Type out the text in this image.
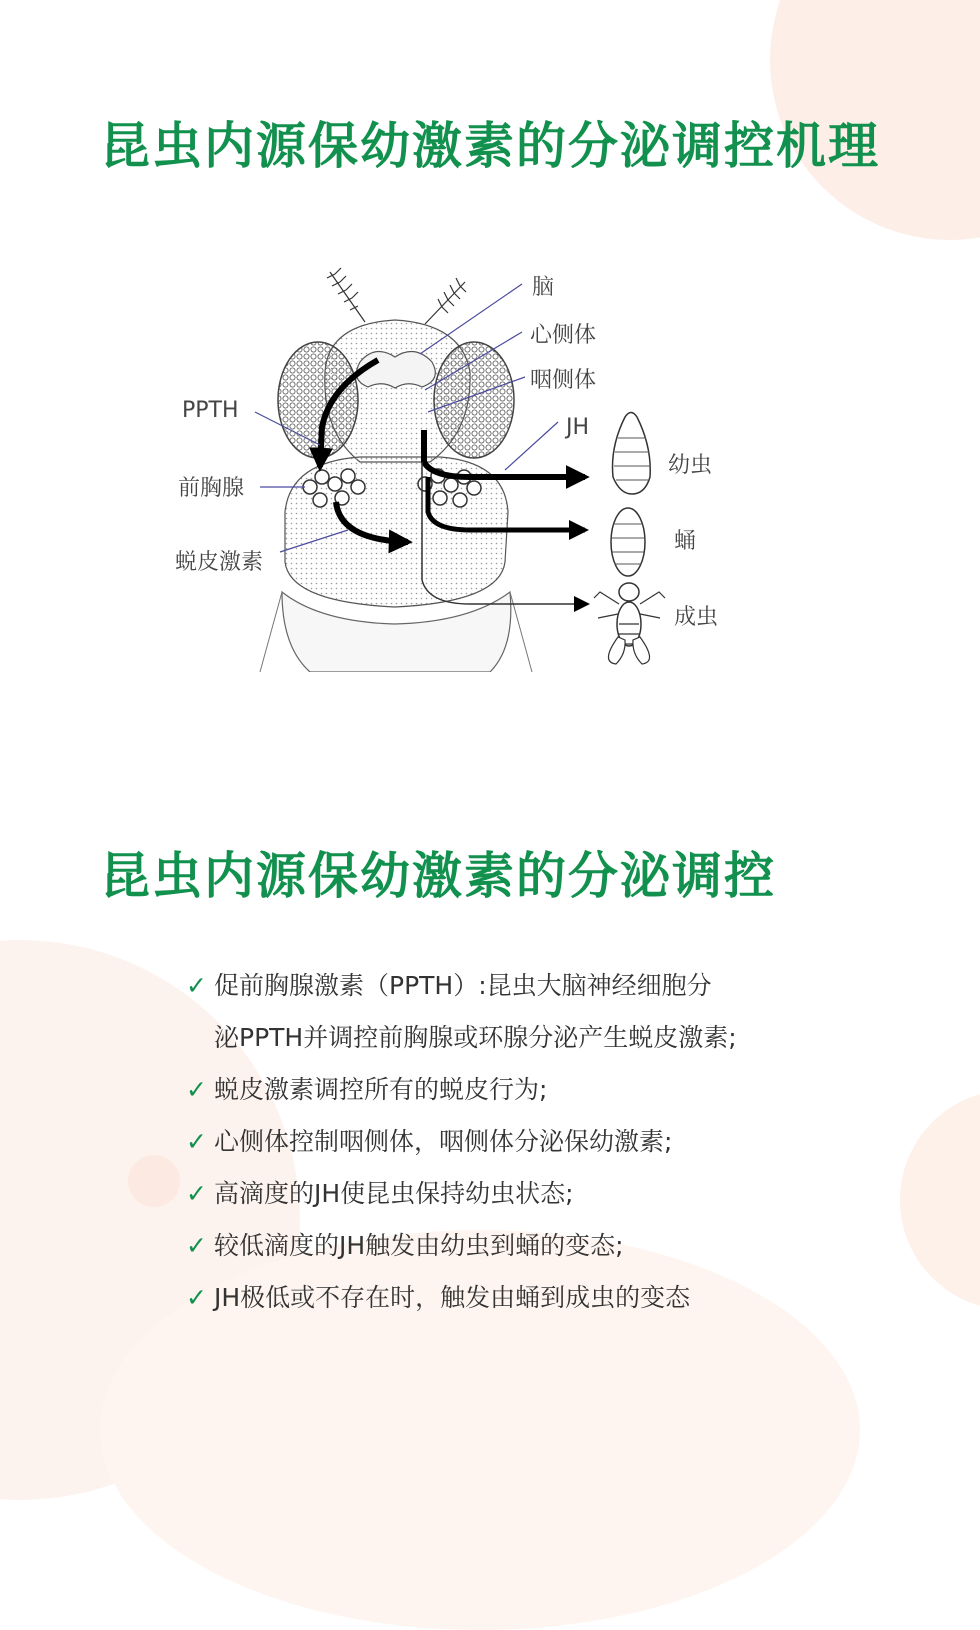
昆虫内源保幼激素的分泌调控机理
脑
心侧体
咽侧体
JH
PPTH
前胸腺
蜕皮激素
幼虫
蛹
成虫
昆虫内源保幼激素的分泌调控
✓ 促前胸腺激素（PPTH）:昆虫大脑神经细胞分
泌PPTH并调控前胸腺或环腺分泌产生蜕皮激素;
✓ 蜕皮激素调控所有的蜕皮行为;
✓ 心侧体控制咽侧体，咽侧体分泌保幼激素;
✓ 高滴度的JH使昆虫保持幼虫状态;
✓ 较低滴度的JH触发由幼虫到蛹的变态;
✓ JH极低或不存在时，触发由蛹到成虫的变态
